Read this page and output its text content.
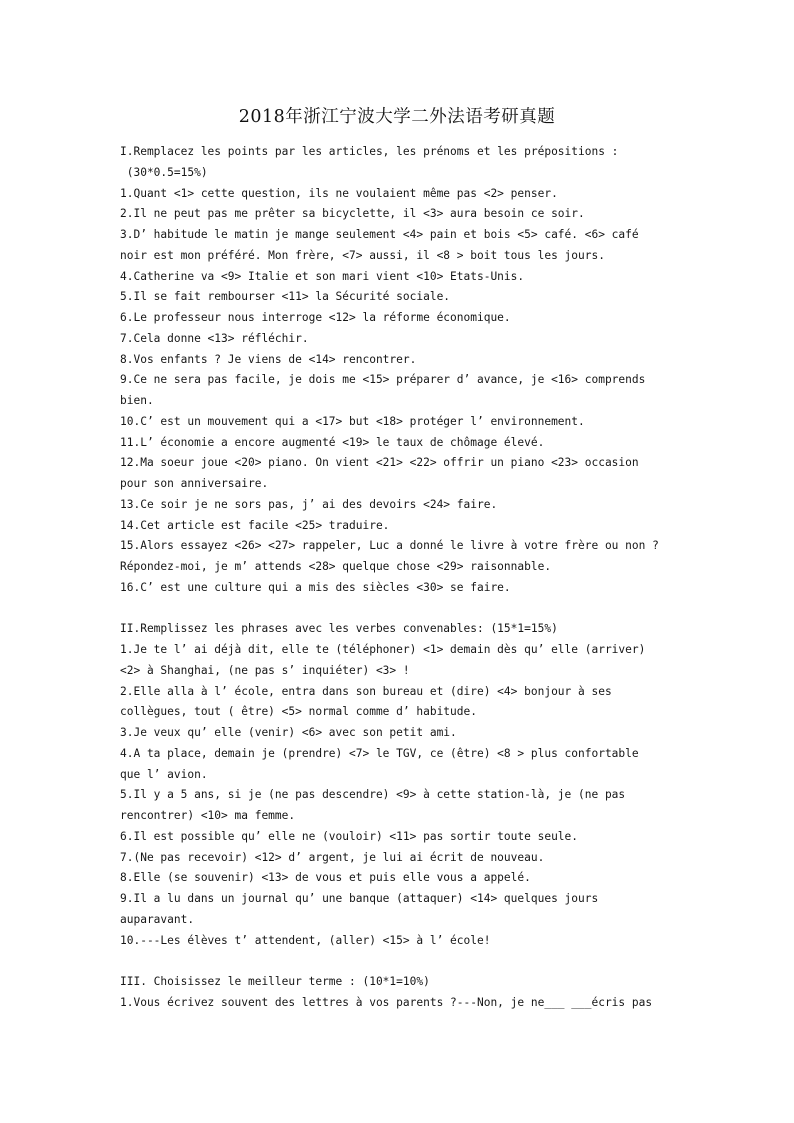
2018年浙江宁波大学二外法语考研真题
I.Remplacez les points par les articles, les prénoms et les prépositions :
(30*0.5=15%)
1.Quant <1> cette question, ils ne voulaient même pas <2> penser.
2.Il ne peut pas me prêter sa bicyclette, il <3> aura besoin ce soir.
3.D’ habitude le matin je mange seulement <4> pain et bois <5> café. <6> café
noir est mon préféré. Mon frère, <7> aussi, il <8 > boit tous les jours.
4.Catherine va <9> Italie et son mari vient <10> Etats-Unis.
5.Il se fait rembourser <11> la Sécurité sociale.
6.Le professeur nous interroge <12> la réforme économique.
7.Cela donne <13> réfléchir.
8.Vos enfants ? Je viens de <14> rencontrer.
9.Ce ne sera pas facile, je dois me <15> préparer d’ avance, je <16> comprends
bien.
10.C’ est un mouvement qui a <17> but <18> protéger l’ environnement.
11.L’ économie a encore augmenté <19> le taux de chômage élevé.
12.Ma soeur joue <20> piano. On vient <21> <22> offrir un piano <23> occasion
pour son anniversaire.
13.Ce soir je ne sors pas, j’ ai des devoirs <24> faire.
14.Cet article est facile <25> traduire.
15.Alors essayez <26> <27> rappeler, Luc a donné le livre à votre frère ou non ?
Répondez-moi, je m’ attends <28> quelque chose <29> raisonnable.
16.C’ est une culture qui a mis des siècles <30> se faire.
II.Remplissez les phrases avec les verbes convenables: (15*1=15%)
1.Je te l’ ai déjà dit, elle te (téléphoner) <1> demain dès qu’ elle (arriver)
<2> à Shanghai, (ne pas s’ inquiéter) <3> !
2.Elle alla à l’ école, entra dans son bureau et (dire) <4> bonjour à ses
collègues, tout ( être) <5> normal comme d’ habitude.
3.Je veux qu’ elle (venir) <6> avec son petit ami.
4.A ta place, demain je (prendre) <7> le TGV, ce (être) <8 > plus confortable
que l’ avion.
5.Il y a 5 ans, si je (ne pas descendre) <9> à cette station-là, je (ne pas
rencontrer) <10> ma femme.
6.Il est possible qu’ elle ne (vouloir) <11> pas sortir toute seule.
7.(Ne pas recevoir) <12> d’ argent, je lui ai écrit de nouveau.
8.Elle (se souvenir) <13> de vous et puis elle vous a appelé.
9.Il a lu dans un journal qu’ une banque (attaquer) <14> quelques jours
auparavant.
10.---Les élèves t’ attendent, (aller) <15> à l’ école!
III. Choisissez le meilleur terme : (10*1=10%)
1.Vous écrivez souvent des lettres à vos parents ?---Non, je ne___ ___écris pas
